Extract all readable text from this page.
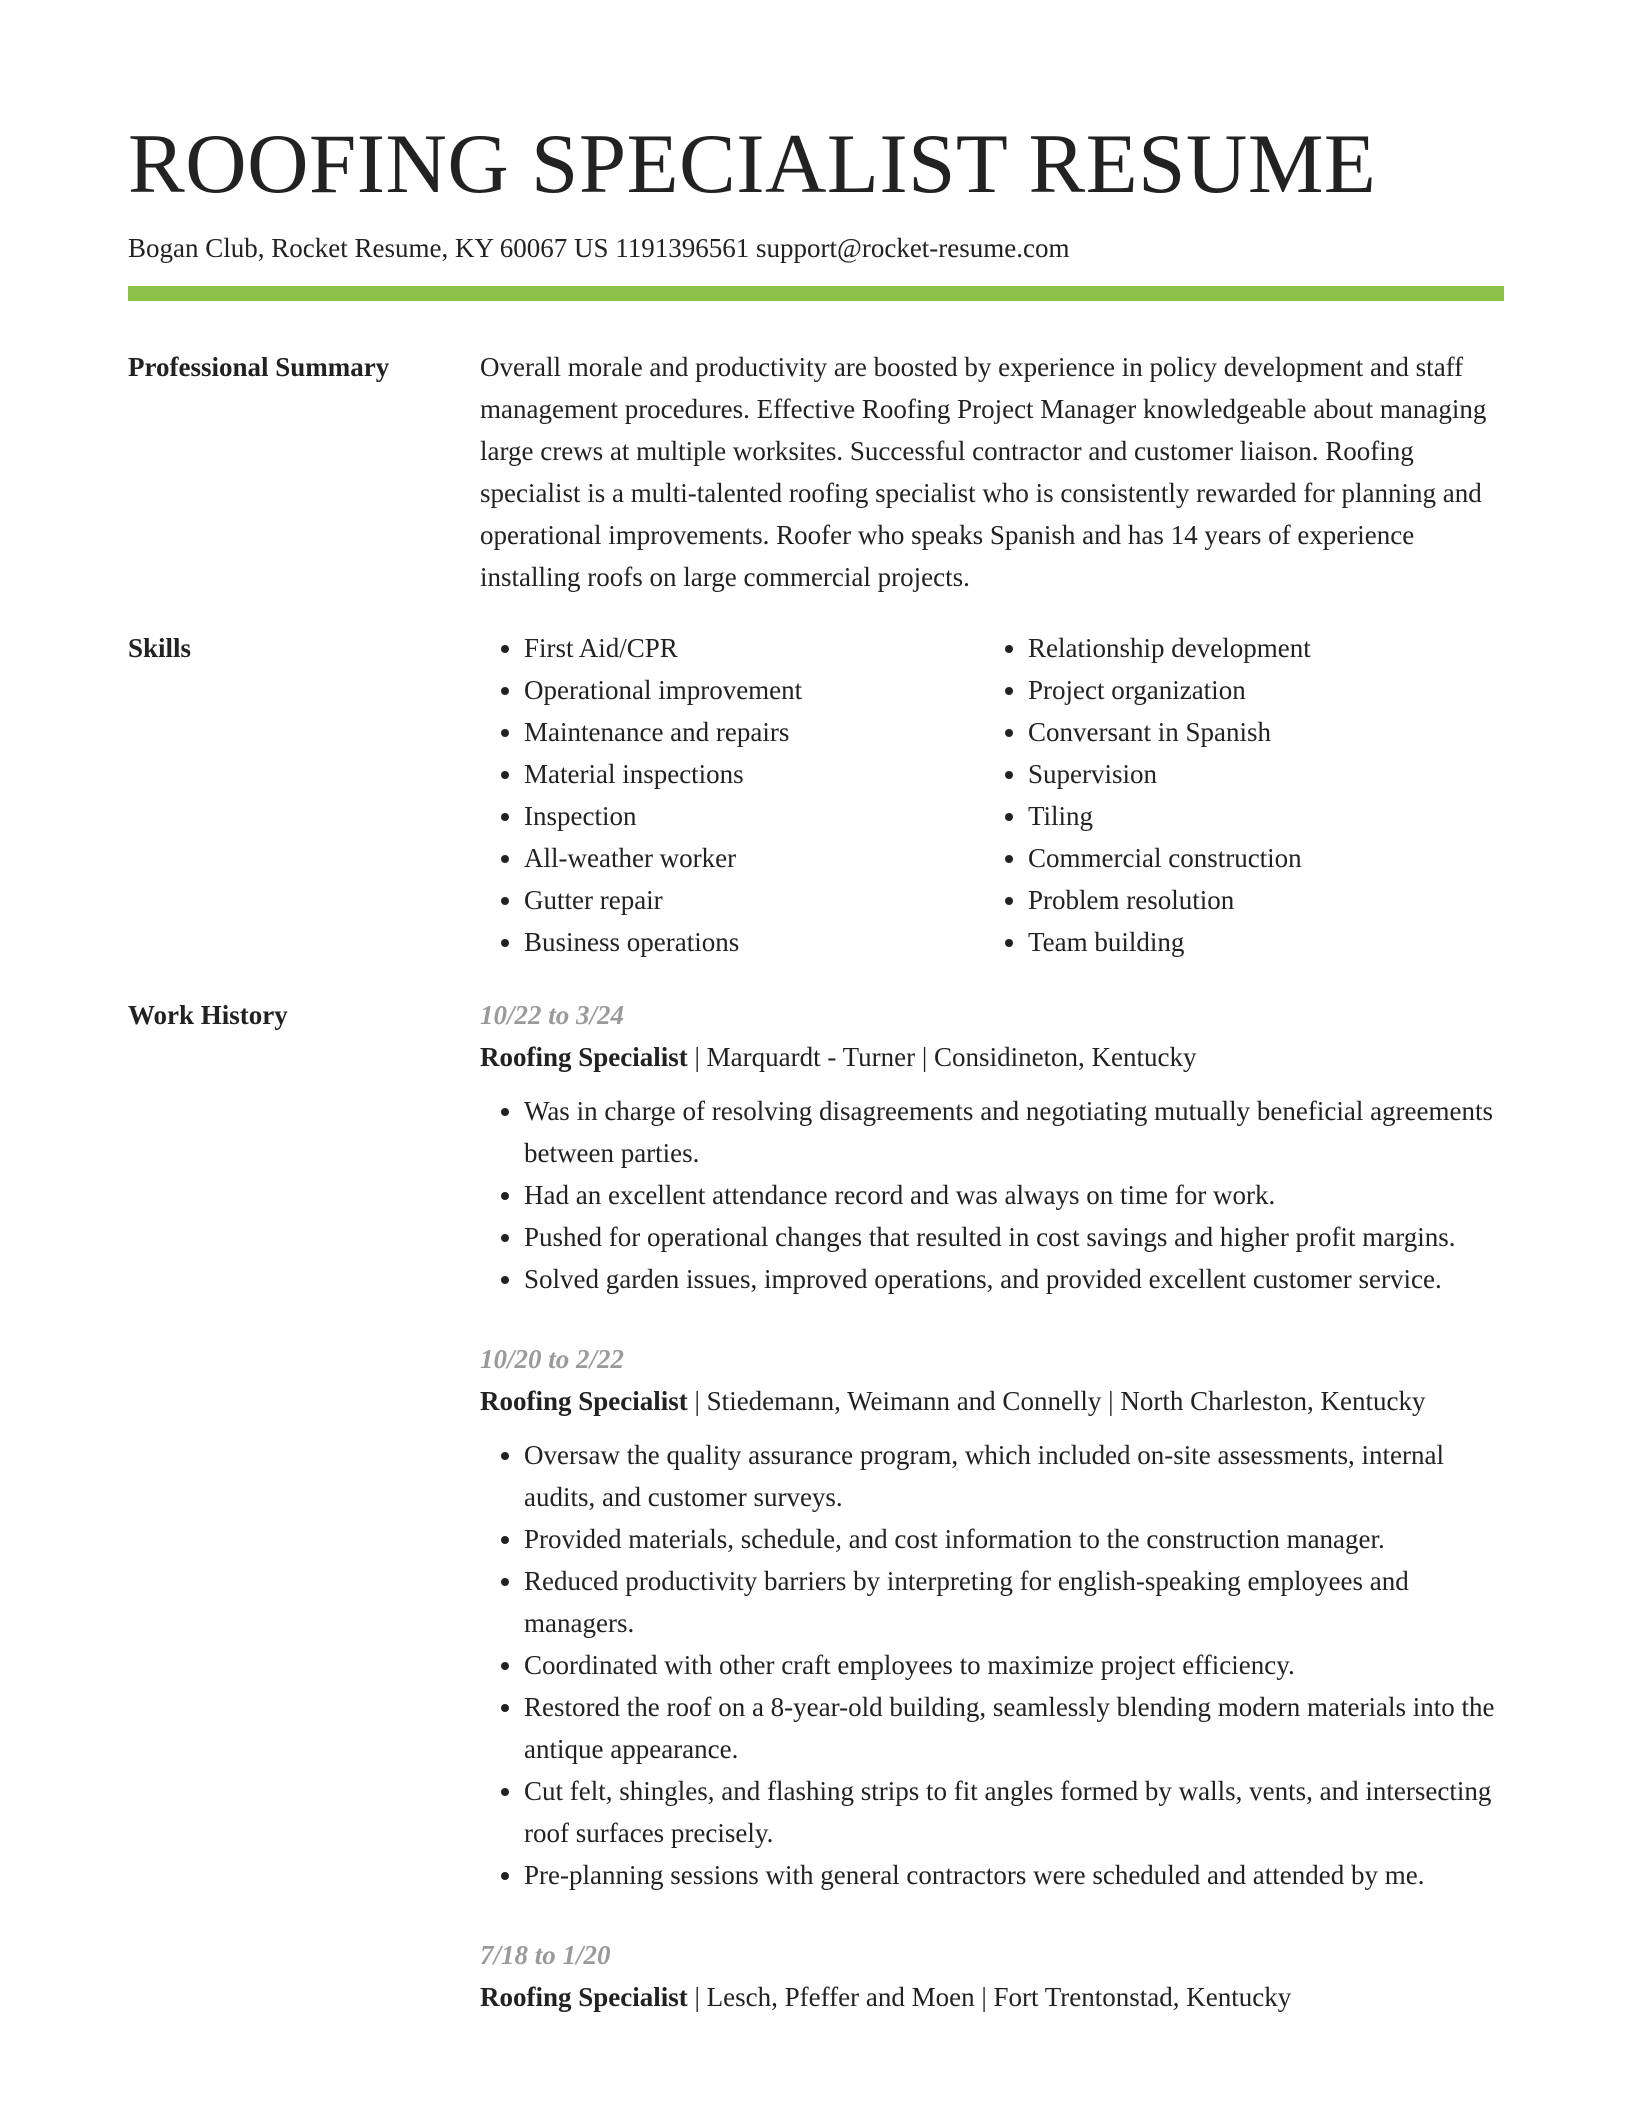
ROOFING SPECIALIST RESUME
Bogan Club, Rocket Resume, KY 60067 US 1191396561 support@rocket-resume.com
Professional Summary	Overall morale and productivity are boosted by experience in policy development and staff management procedures. Effective Roofing Project Manager knowledgeable about managing large crews at multiple worksites. Successful contractor and customer liaison. Roofing specialist is a multi-talented roofing specialist who is consistently rewarded for planning and operational improvements. Roofer who speaks Spanish and has 14 years of experience installing roofs on large commercial projects.

Skills
•	First Aid/CPR
• Operational improvement
• Maintenance and repairs
• Material inspections
• Inspection
• All-weather worker
• Gutter repair
• Business operations
• Relationship development
• Project organization
• Conversant in Spanish
• Supervision
• Tiling
• Commercial construction
• Problem resolution
• Team building
Work History	10/22 to 3/24
Roofing Specialist | Marquardt - Turner | Considineton, Kentucky
• Was in charge of resolving disagreements and negotiating mutually beneficial agreements between parties.
• Had an excellent attendance record and was always on time for work.
• Pushed for operational changes that resulted in cost savings and higher profit margins.
• Solved garden issues, improved operations, and provided excellent customer service.
10/20 to 2/22
Roofing Specialist | Stiedemann, Weimann and Connelly | North Charleston, Kentucky
• Oversaw the quality assurance program, which included on-site assessments, internal audits, and customer surveys.
• Provided materials, schedule, and cost information to the construction manager.
• Reduced productivity barriers by interpreting for english-speaking employees and managers.
• Coordinated with other craft employees to maximize project efficiency.
• Restored the roof on a 8-year-old building, seamlessly blending modern materials into the antique appearance.
• Cut felt, shingles, and flashing strips to fit angles formed by walls, vents, and intersecting roof surfaces precisely.
• Pre-planning sessions with general contractors were scheduled and attended by me.
7/18 to 1/20
Roofing Specialist | Lesch, Pfeffer and Moen | Fort Trentonstad, Kentucky
